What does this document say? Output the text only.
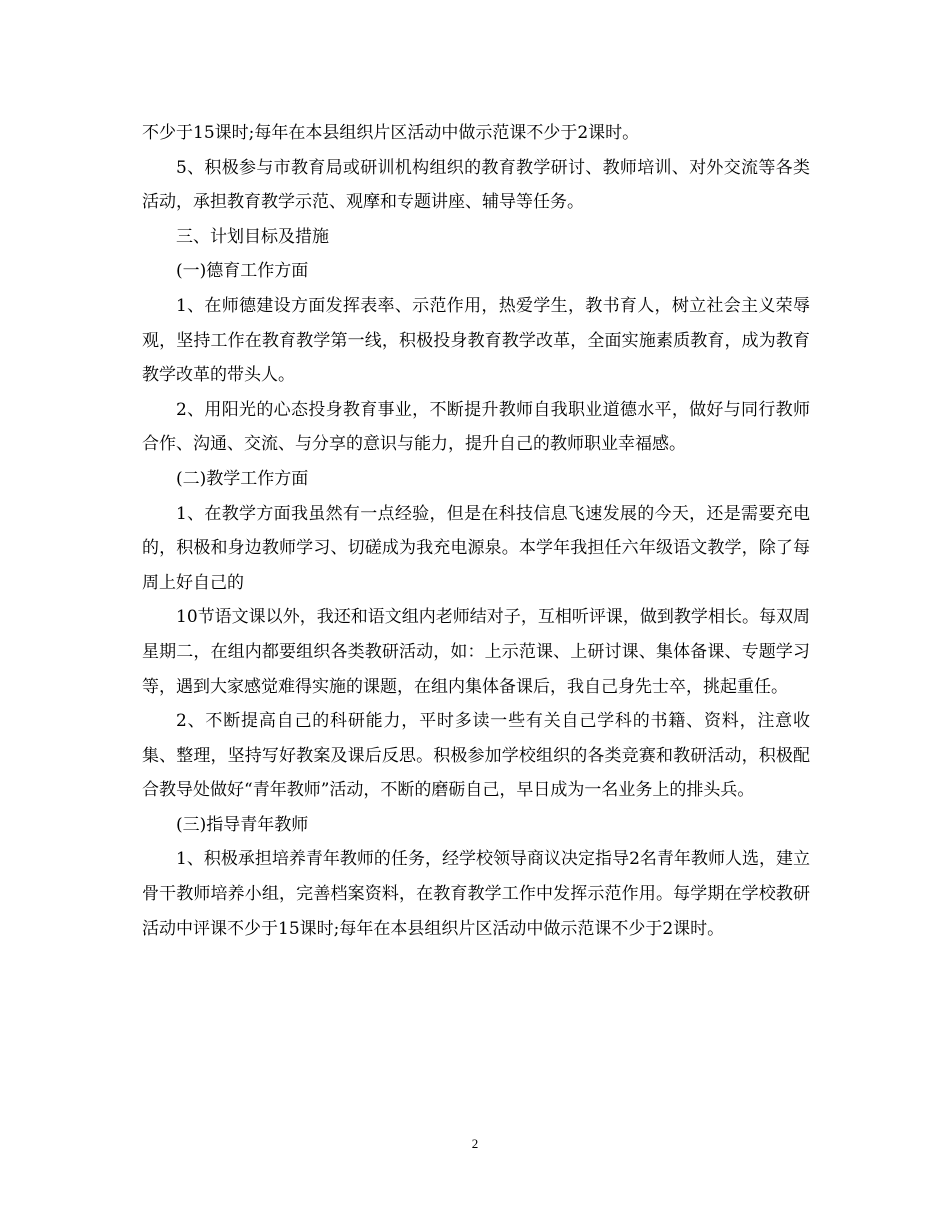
不少于15课时;每年在本县组织片区活动中做示范课不少于2课时。

5、积极参与市教育局或研训机构组织的教育教学研讨、教师培训、对外交流等各类活动，承担教育教学示范、观摩和专题讲座、辅导等任务。

三、计划目标及措施

(一)德育工作方面

1、在师德建设方面发挥表率、示范作用，热爱学生，教书育人，树立社会主义荣辱观，坚持工作在教育教学第一线，积极投身教育教学改革，全面实施素质教育，成为教育教学改革的带头人。

2、用阳光的心态投身教育事业，不断提升教师自我职业道德水平，做好与同行教师合作、沟通、交流、与分享的意识与能力，提升自己的教师职业幸福感。

(二)教学工作方面

1、在教学方面我虽然有一点经验，但是在科技信息飞速发展的今天，还是需要充电的，积极和身边教师学习、切磋成为我充电源泉。本学年我担任六年级语文教学，除了每周上好自己的

10节语文课以外，我还和语文组内老师结对子，互相听评课，做到教学相长。每双周星期二，在组内都要组织各类教研活动，如：上示范课、上研讨课、集体备课、专题学习等，遇到大家感觉难得实施的课题，在组内集体备课后，我自己身先士卒，挑起重任。

2、不断提高自己的科研能力，平时多读一些有关自己学科的书籍、资料，注意收集、整理，坚持写好教案及课后反思。积极参加学校组织的各类竞赛和教研活动，积极配合教导处做好“青年教师”活动，不断的磨砺自己，早日成为一名业务上的排头兵。

(三)指导青年教师

1、积极承担培养青年教师的任务，经学校领导商议决定指导2名青年教师人选，建立骨干教师培养小组，完善档案资料，在教育教学工作中发挥示范作用。每学期在学校教研活动中评课不少于15课时;每年在本县组织片区活动中做示范课不少于2课时。

2
